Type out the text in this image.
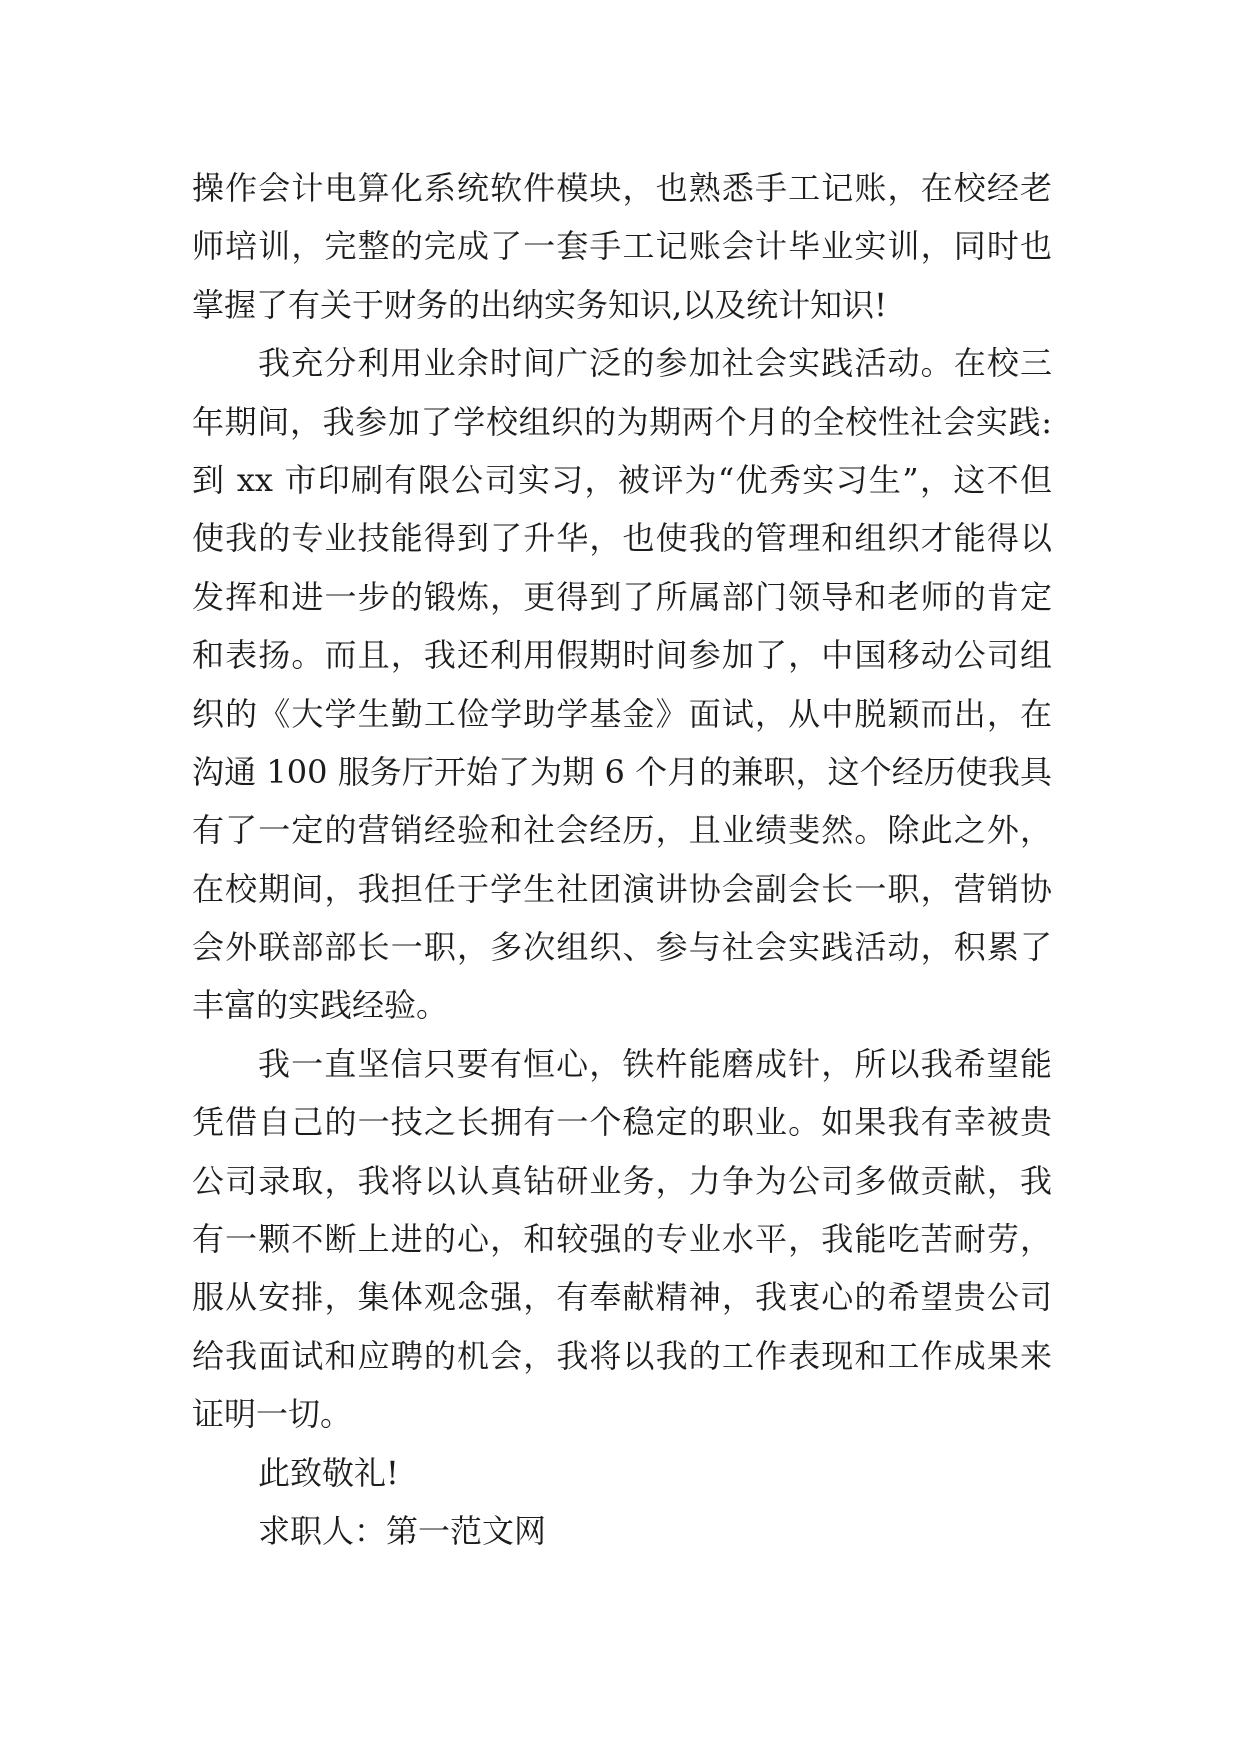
操作会计电算化系统软件模块，也熟悉手工记账，在校经老
师培训，完整的完成了一套手工记账会计毕业实训，同时也
掌握了有关于财务的出纳实务知识,以及统计知识!
我充分利用业余时间广泛的参加社会实践活动。在校三
年期间，我参加了学校组织的为期两个月的全校性社会实践:
到 xx 市印刷有限公司实习，被评为“优秀实习生”，这不但
使我的专业技能得到了升华，也使我的管理和组织才能得以
发挥和进一步的锻炼，更得到了所属部门领导和老师的肯定
和表扬。而且，我还利用假期时间参加了，中国移动公司组
织的《大学生勤工俭学助学基金》面试，从中脱颖而出，在
沟通 100 服务厅开始了为期 6 个月的兼职，这个经历使我具
有了一定的营销经验和社会经历，且业绩斐然。除此之外，
在校期间，我担任于学生社团演讲协会副会长一职，营销协
会外联部部长一职，多次组织、参与社会实践活动，积累了
丰富的实践经验。
我一直坚信只要有恒心，铁杵能磨成针，所以我希望能
凭借自己的一技之长拥有一个稳定的职业。如果我有幸被贵
公司录取，我将以认真钻研业务，力争为公司多做贡献，我
有一颗不断上进的心，和较强的专业水平，我能吃苦耐劳，
服从安排，集体观念强，有奉献精神，我衷心的希望贵公司
给我面试和应聘的机会，我将以我的工作表现和工作成果来
证明一切。
此致敬礼!
求职人：第一范文网
